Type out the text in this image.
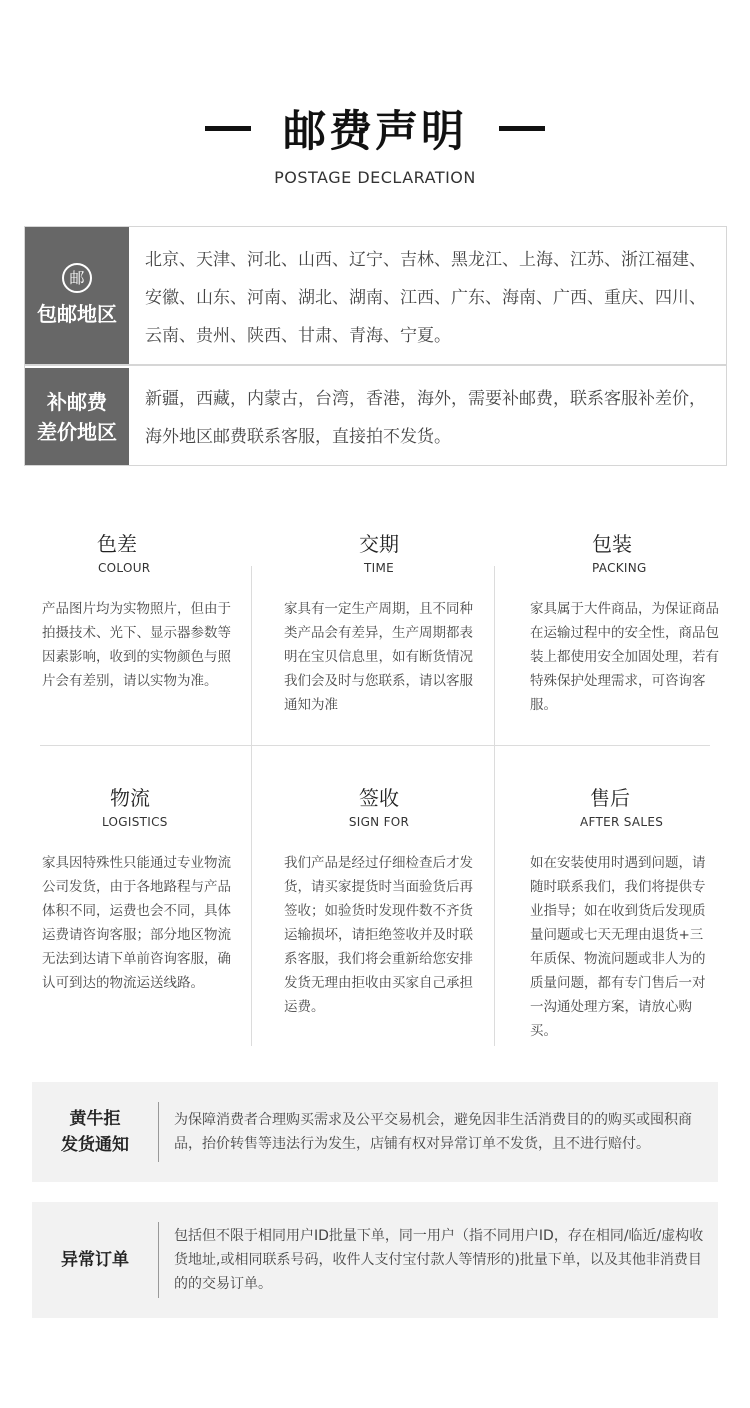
邮费声明
POSTAGE DECLARATION
邮
包邮地区
北京、天津、河北、山西、辽宁、吉林、黑龙江、上海、江苏、浙江福建、安徽、山东、河南、湖北、湖南、江西、广东、海南、广西、重庆、四川、云南、贵州、陕西、甘肃、青海、宁夏。
补邮费
差价地区
新疆，西藏，内蒙古，台湾，香港，海外，需要补邮费，联系客服补差价，海外地区邮费联系客服，直接拍不发货。
色差
COLOUR
产品图片均为实物照片，但由于拍摄技术、光下、显示器参数等因素影响，收到的实物颜色与照片会有差别，请以实物为准。
交期
TIME
家具有一定生产周期，且不同种类产品会有差异，生产周期都表明在宝贝信息里，如有断货情况我们会及时与您联系，请以客服通知为准
包装
PACKING
家具属于大件商品，为保证商品在运输过程中的安全性，商品包装上都使用安全加固处理，若有特殊保护处理需求，可咨询客服。
物流
LOGISTICS
家具因特殊性只能通过专业物流公司发货，由于各地路程与产品体积不同，运费也会不同，具体运费请咨询客服；部分地区物流无法到达请下单前咨询客服，确认可到达的物流运送线路。
签收
SIGN FOR
我们产品是经过仔细检查后才发货，请买家提货时当面验货后再签收；如验货时发现件数不齐货运输损坏，请拒绝签收并及时联系客服，我们将会重新给您安排发货无理由拒收由买家自己承担运费。
售后
AFTER SALES
如在安装使用时遇到问题，请随时联系我们，我们将提供专业指导；如在收到货后发现质量问题或七天无理由退货+三年质保、物流问题或非人为的质量问题，都有专门售后一对一沟通处理方案，请放心购买。
黄牛拒
发货通知
为保障消费者合理购买需求及公平交易机会，避免因非生活消费目的的购买或囤积商品，抬价转售等违法行为发生，店铺有权对异常订单不发货，且不进行赔付。
异常订单
包括但不限于相同用户ID批量下单，同一用户（指不同用户ID，存在相同/临近/虚构收货地址,或相同联系号码，收件人支付宝付款人等情形的)批量下单，以及其他非消费目的的交易订单。
